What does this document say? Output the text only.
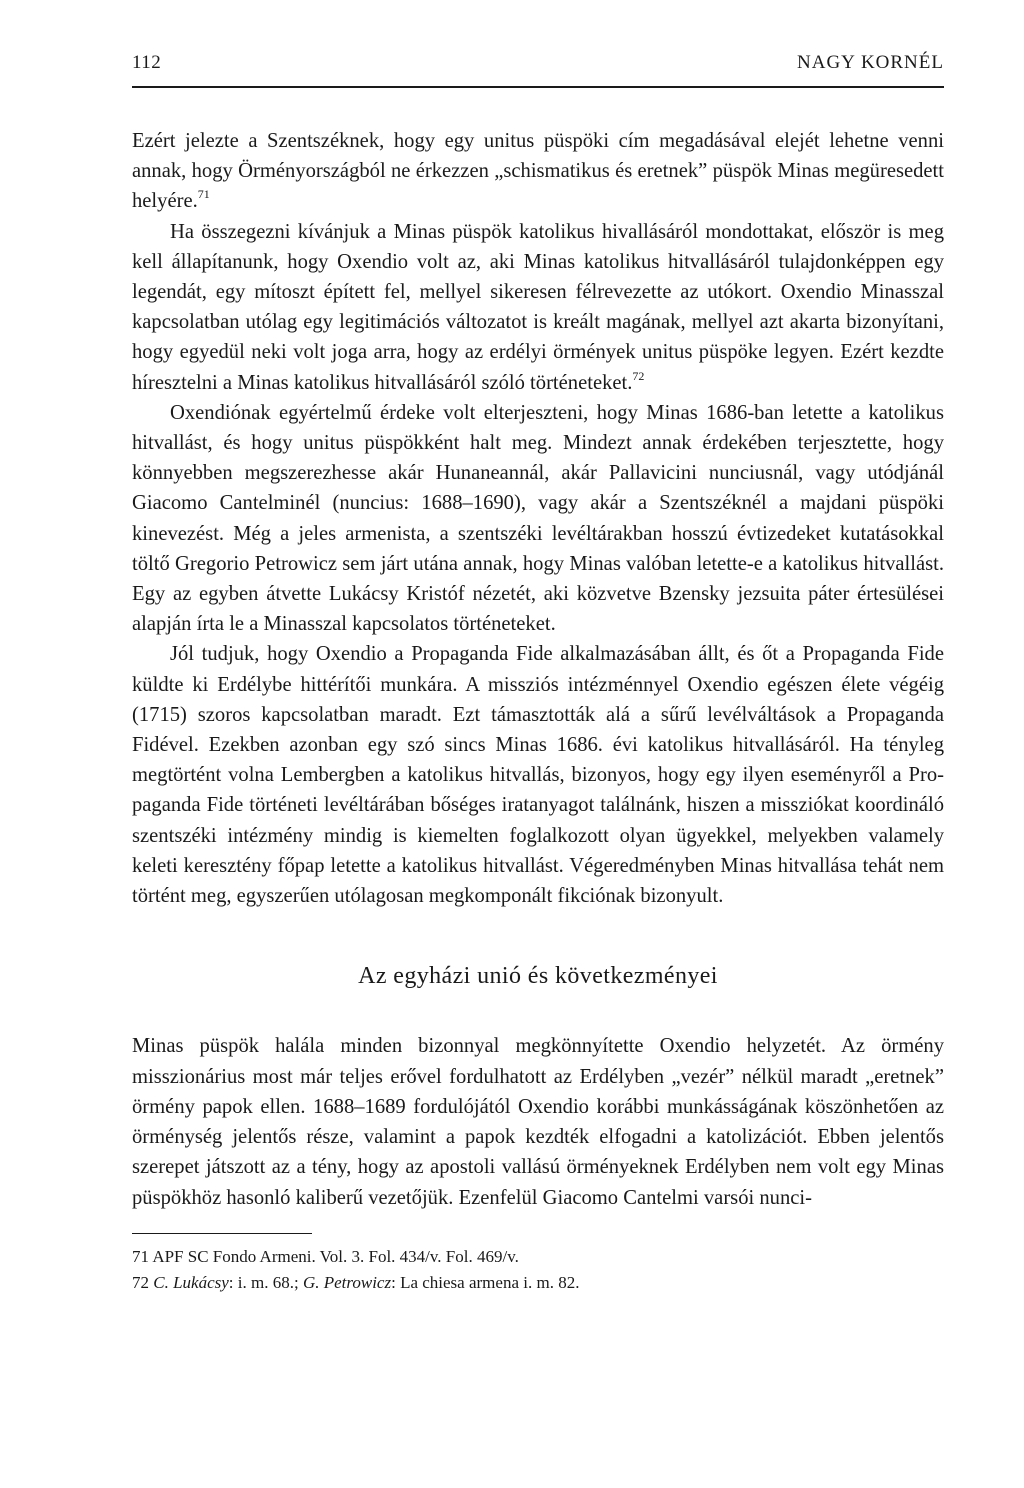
112	NAGY KORNÉL

Ezért jelezte a Szentszéknek, hogy egy unitus püspöki cím megadásával elejét lehetne venni annak, hogy Örményországból ne érkezzen „schismatikus és eretnek” püspök Minas megüresedett helyére.$^{71}$

Ha összegezni kívánjuk a Minas püspök katolikus hivallásáról mondottakat, először is meg kell állapítanunk, hogy Oxendio volt az, aki Minas katolikus hitvallásáról tulajdonképpen egy legendát, egy mítoszt épített fel, mellyel sikeresen félrevezette az utókort. Oxendio Minasszal kapcsolatban utólag egy legitimációs változatot is kreált magának, mellyel azt akarta bizonyítani, hogy egyedül neki volt joga arra, hogy az erdélyi örmények unitus püspöke legyen. Ezért kezdte híresztelni a Minas katolikus hitvallásáról szóló történeteket.$^{72}$

Oxendiónak egyértelmű érdeke volt elterjeszteni, hogy Minas 1686-ban letette a katolikus hitvallást, és hogy unitus püspökként halt meg. Mindezt annak érdekében terjesztette, hogy könnyebben megszerezhesse akár Hunaneannál, akár Pallavicini nunciusnál, vagy utódjánál Giacomo Cantelminél (nuncius: 1688–1690), vagy akár a Szentszéknél a majdani püspöki kinevezést. Még a jeles armenista, a szentszéki levéltárakban hosszú évtizedeket kutatásokkal töltő Gregorio Petrowicz sem járt utána annak, hogy Minas valóban letette-e a katolikus hitvallást. Egy az egyben átvette Lukácsy Kristóf nézetét, aki közvetve Bzensky jezsuita páter értesülései alapján írta le a Minasszal kapcsolatos történeteket.

Jól tudjuk, hogy Oxendio a Propaganda Fide alkalmazásában állt, és őt a Propaganda Fide küldte ki Erdélybe hittérítői munkára. A missziós intézménnyel Oxendio egészen élete végéig (1715) szoros kapcsolatban maradt. Ezt támasztották alá a sűrű levélváltások a Propaganda Fidével. Ezekben azonban egy szó sincs Minas 1686. évi katolikus hitvallásáról. Ha tényleg megtörtént volna Lembergben a katolikus hitvallás, bizonyos, hogy egy ilyen eseményről a Propaganda Fide történeti levéltárában bőséges iratanyagot találnánk, hiszen a missziókat koordináló szentszéki intézmény mindig is kiemelten foglalkozott olyan ügyekkel, melyekben valamely keleti keresztény főpap letette a katolikus hitvallást. Végeredményben Minas hitvallása tehát nem történt meg, egyszerűen utólagosan megkomponált fikciónak bizonyult.

Az egyházi unió és következményei

Minas püspök halála minden bizonnyal megkönnyítette Oxendio helyzetét. Az örmény misszionárius most már teljes erővel fordulhatott az Erdélyben „vezér” nélkül maradt „eretnek” örmény papok ellen. 1688–1689 fordulójától Oxendio korábbi munkásságának köszönhetően az örménység jelentős része, valamint a papok kezdték elfogadni a katolizációt. Ebben jelentős szerepet játszott az a tény, hogy az apostoli vallású örményeknek Erdélyben nem volt egy Minas püspökhöz hasonló kaliberű vezetőjük. Ezenfelül Giacomo Cantelmi varsói nunci-

71 APF SC Fondo Armeni. Vol. 3. Fol. 434/v. Fol. 469/v.

72 C. Lukácsy: i. m. 68.; G. Petrowicz: La chiesa armena i. m. 82.
